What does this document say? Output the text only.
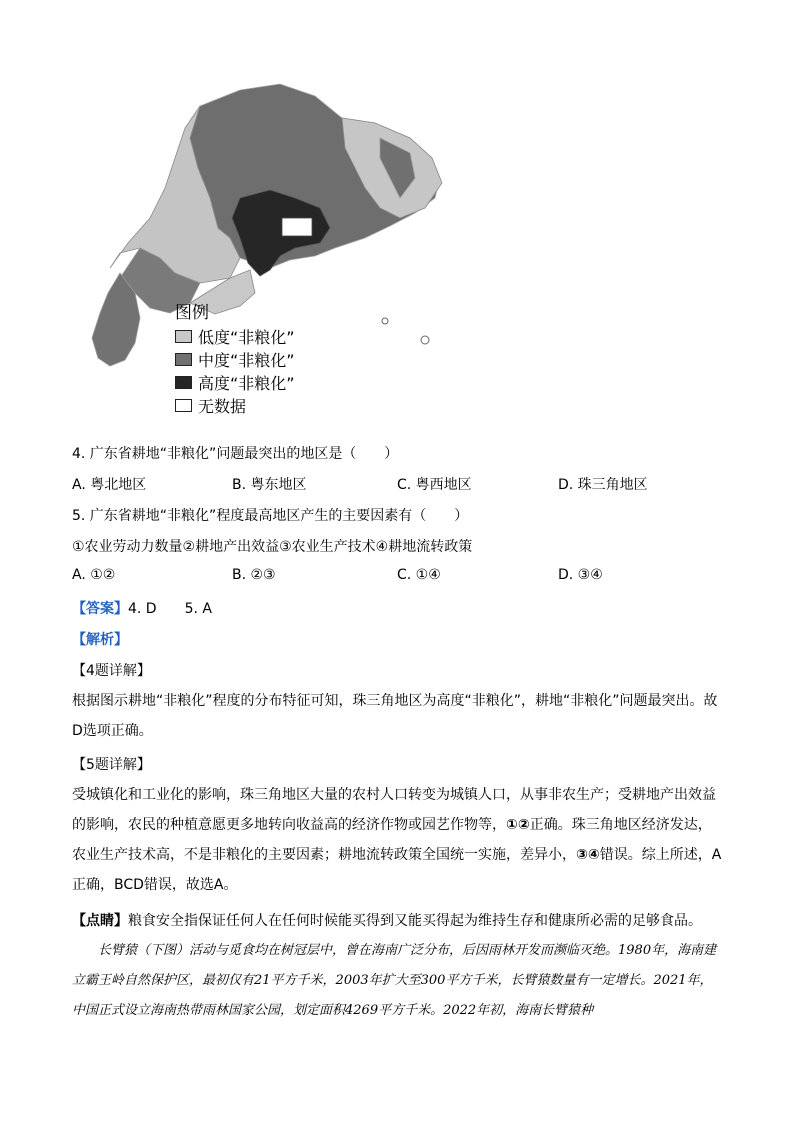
图例
低度“非粮化”
中度“非粮化”
高度“非粮化”
无数据
4. 广东省耕地“非粮化”问题最突出的地区是（　　）
A. 粤北地区	B. 粤东地区	C. 粤西地区	D. 珠三角地区
5. 广东省耕地“非粮化”程度最高地区产生的主要因素有（　　）
①农业劳动力数量②耕地产出效益③农业生产技术④耕地流转政策
A. ①②	B. ②③	C. ①④	D. ③④
【答案】4. D　　5. A
【解析】
【4题详解】
根据图示耕地“非粮化”程度的分布特征可知，珠三角地区为高度“非粮化”，耕地“非粮化”问题最突出。故D选项正确。
【5题详解】
受城镇化和工业化的影响，珠三角地区大量的农村人口转变为城镇人口，从事非农生产；受耕地产出效益的影响，农民的种植意愿更多地转向收益高的经济作物或园艺作物等，①②正确。珠三角地区经济发达，农业生产技术高，不是非粮化的主要因素；耕地流转政策全国统一实施，差异小，③④错误。综上所述，A正确，BCD错误，故选A。
【点睛】粮食安全指保证任何人在任何时候能买得到又能买得起为维持生存和健康所必需的足够食品。
长臂猿（下图）活动与觅食均在树冠层中，曾在海南广泛分布，后因雨林开发而濒临灭绝。1980年，海南建立霸王岭自然保护区，最初仅有21平方千米，2003年扩大至300平方千米，长臂猿数量有一定增长。2021年，中国正式设立海南热带雨林国家公园，划定面积4269平方千米。2022年初，海南长臂猿种
